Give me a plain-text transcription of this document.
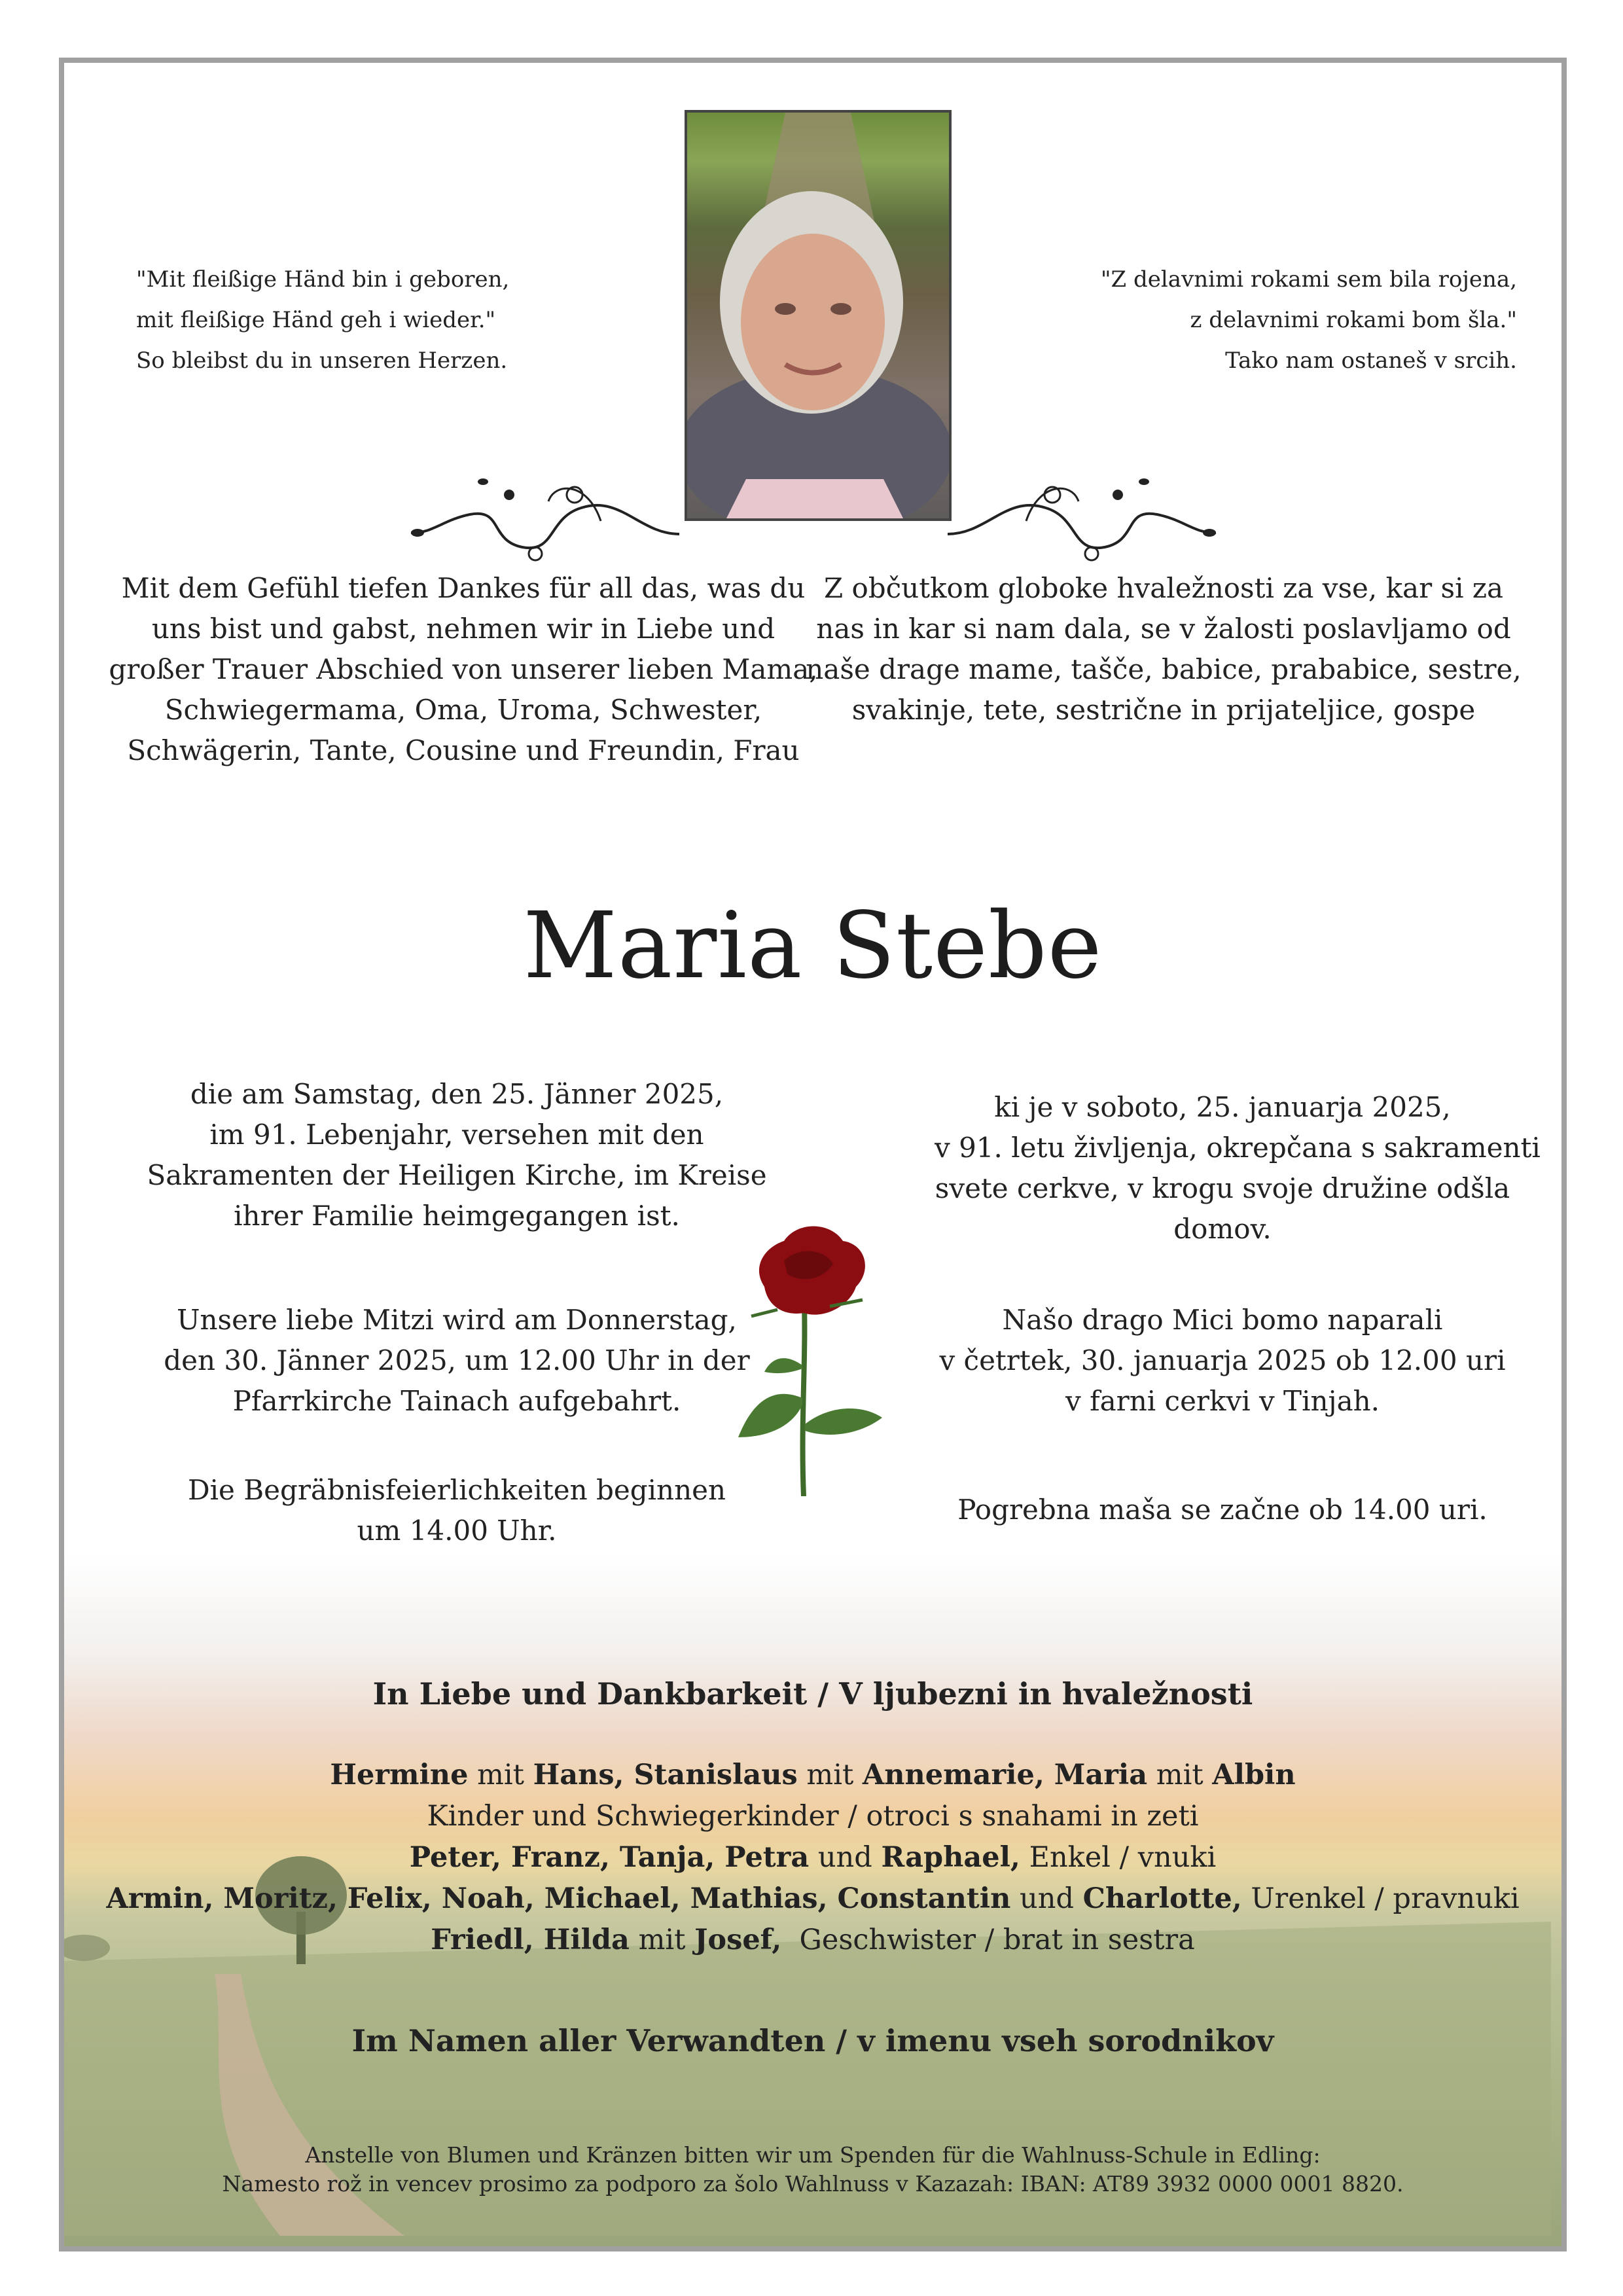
"Mit fleißige Händ bin i geboren,
mit fleißige Händ geh i wieder."
So bleibst du in unseren Herzen.
"Z delavnimi rokami sem bila rojena,
z delavnimi rokami bom šla."
Tako nam ostaneš v srcih.
Mit dem Gefühl tiefen Dankes für all das, was du
uns bist und gabst, nehmen wir in Liebe und
großer Trauer Abschied von unserer lieben Mama,
Schwiegermama, Oma, Uroma, Schwester,
Schwägerin, Tante, Cousine und Freundin, Frau
Z občutkom globoke hvaležnosti za vse, kar si za
nas in kar si nam dala, se v žalosti poslavljamo od
naše drage mame, tašče, babice, prababice, sestre,
svakinje, tete, sestrične in prijateljice, gospe
Maria Stebe
die am Samstag, den 25. Jänner 2025,
im 91. Lebenjahr, versehen mit den
Sakramenten der Heiligen Kirche, im Kreise
ihrer Familie heimgegangen ist.
ki je v soboto, 25. januarja 2025,
v 91. letu življenja, okrepčana s sakramenti
svete cerkve, v krogu svoje družine odšla
domov.
Unsere liebe Mitzi wird am Donnerstag,
den 30. Jänner 2025, um 12.00 Uhr in der
Pfarrkirche Tainach aufgebahrt.
Našo drago Mici bomo naparali
v četrtek, 30. januarja 2025 ob 12.00 uri
v farni cerkvi v Tinjah.
Die Begräbnisfeierlichkeiten beginnen
um 14.00 Uhr.
Pogrebna maša se začne ob 14.00 uri.
In Liebe und Dankbarkeit / V ljubezni in hvaležnosti
Hermine mit Hans, Stanislaus mit Annemarie, Maria mit Albin
Kinder und Schwiegerkinder / otroci s snahami in zeti
Peter, Franz, Tanja, Petra und Raphael, Enkel / vnuki
Armin, Moritz, Felix, Noah, Michael, Mathias, Constantin und Charlotte, Urenkel / pravnuki
Friedl, Hilda mit Josef,  Geschwister / brat in sestra
Im Namen aller Verwandten / v imenu vseh sorodnikov
Anstelle von Blumen und Kränzen bitten wir um Spenden für die Wahlnuss-Schule in Edling:
Namesto rož in vencev prosimo za podporo za šolo Wahlnuss v Kazazah: IBAN: AT89 3932 0000 0001 8820.
